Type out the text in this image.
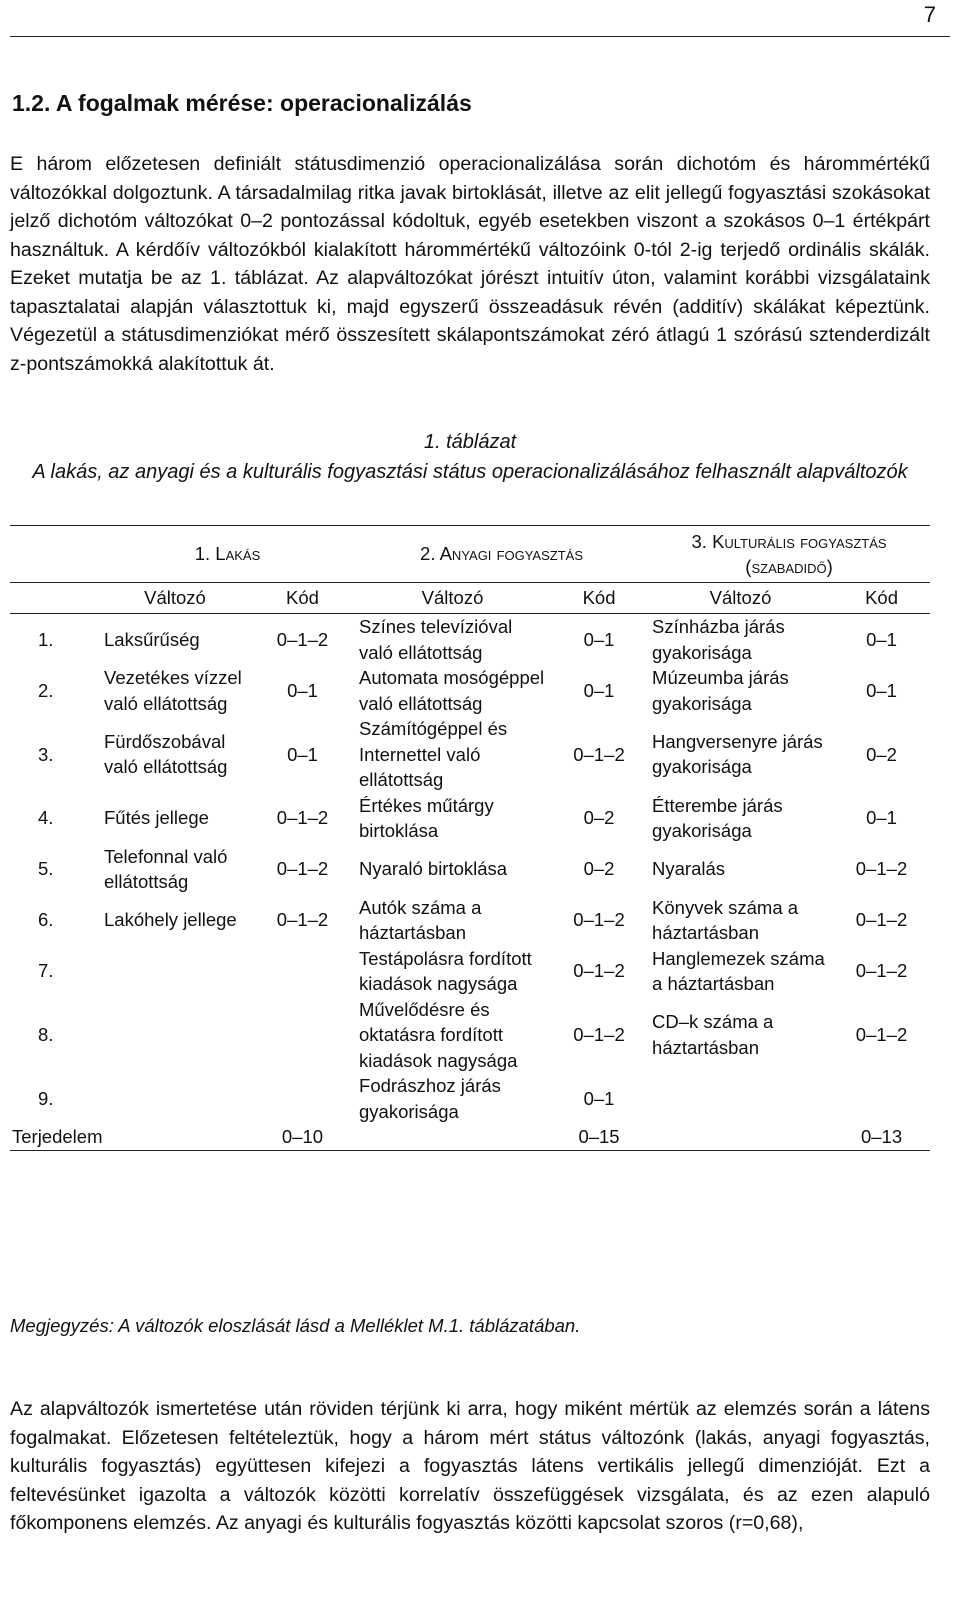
7
1.2. A fogalmak mérése: operacionalizálás

E három előzetesen definiált státusdimenzió operacionalizálása során dichotóm és hárommértékű változókkal dolgoztunk. A társadalmilag ritka javak birtoklását, illetve az elit jellegű fogyasztási szokásokat jelző dichotóm változókat 0–2 pontozással kódoltuk, egyéb esetekben viszont a szokásos 0–1 értékpárt használtuk. A kérdőív változókból kialakított hárommértékű változóink 0-tól 2-ig terjedő ordinális skálák. Ezeket mutatja be az 1. táblázat. Az alapváltozókat jórészt intuitív úton, valamint korábbi vizsgálataink tapasztalatai alapján választottuk ki, majd egyszerű összeadásuk révén (additív) skálákat képeztünk. Végezetül a státusdimenziókat mérő összesített skálapontszámokat zéró átlagú 1 szórású sztenderdizált z-pontszámokká alakítottuk át.

1. táblázat
A lakás, az anyagi és a kulturális fogyasztási státus operacionalizálásához felhasznált alapváltozók
	1. Lakás		2. Anyagi fogyasztás		3. Kulturális fogyasztás (szabadidő)	
	Változó	Kód	Változó	Kód	Változó	Kód
1.	Laksűrűség	0–1–2	Színes televízióval való ellátottság	0–1	Színházba járás gyakorisága	0–1
2.	Vezetékes vízzel való ellátottság	0–1	Automata mosógéppel való ellátottság	0–1	Múzeumba járás gyakorisága	0–1
3.	Fürdőszobával való ellátottság	0–1	Számítógéppel és Internettel való ellátottság	0–1–2	Hangversenyre járás gyakorisága	0–2
4.	Fűtés jellege	0–1–2	Értékes műtárgy birtoklása	0–2	Étterembe járás gyakorisága	0–1
5.	Telefonnal való ellátottság	0–1–2	Nyaraló birtoklása	0–2	Nyaralás	0–1–2
6.	Lakóhely jellege	0–1–2	Autók száma a háztartásban	0–1–2	Könyvek száma a háztartásban	0–1–2
7.			Testápolásra fordított kiadások nagysága	0–1–2	Hanglemezek száma a háztartásban	0–1–2
8.			Művelődésre és oktatásra fordított kiadások nagysága	0–1–2	CD–k száma a háztartásban	0–1–2
9.			Fodrászhoz járás gyakorisága	0–1		
Terjedelem		0–10		0–15		0–13
Megjegyzés: A változók eloszlását lásd a Melléklet M.1. táblázatában.

Az alapváltozók ismertetése után röviden térjünk ki arra, hogy miként mértük az elemzés során a látens fogalmakat. Előzetesen feltételeztük, hogy a három mért státus változónk (lakás, anyagi fogyasztás, kulturális fogyasztás) együttesen kifejezi a fogyasztás látens vertikális jellegű dimenzióját. Ezt a feltevésünket igazolta a változók közötti korrelatív összefüggések vizsgálata, és az ezen alapuló főkomponens elemzés. Az anyagi és kulturális fogyasztás közötti kapcsolat szoros (r=0,68),
